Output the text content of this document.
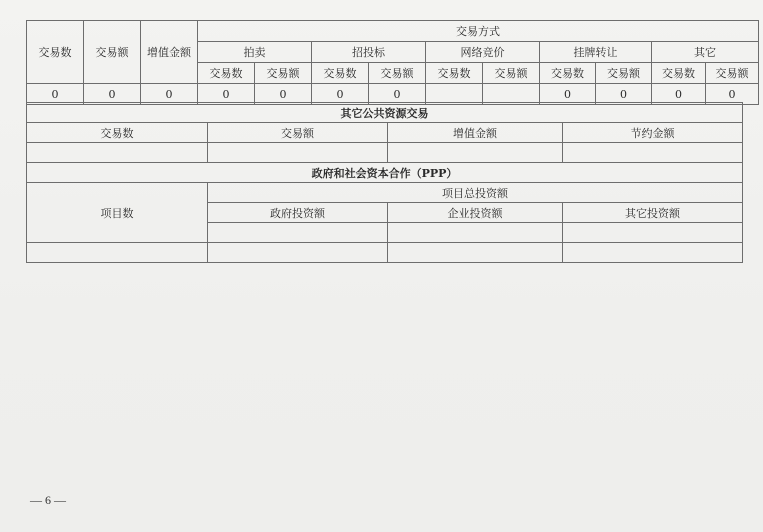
交易数	交易额	增值金额	交易方式									
			拍卖		招投标		网络竞价		挂牌转让		其它	
			交易数	交易额	交易数	交易额	交易数	交易额	交易数	交易额	交易数	交易额
0	0	0	0	0	0	0			0	0	0	0
其它公共资源交易			
交易数	交易额	增值金额	节约金额

政府和社会资本合作（PPP）			
项目数	项目总投资额		
	政府投资额	企业投资额	其它投资额

— 6 —
